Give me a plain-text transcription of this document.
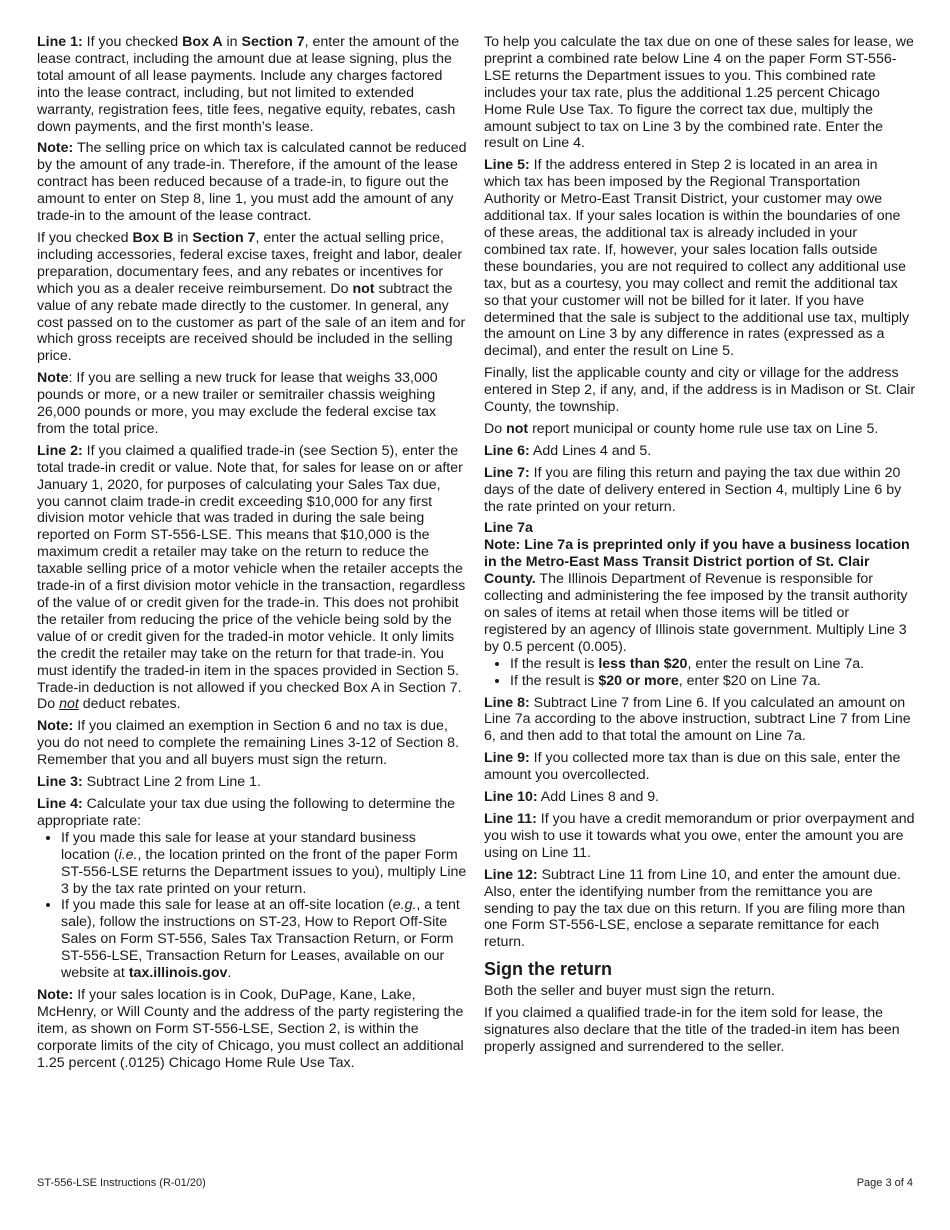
Line 1: If you checked Box A in Section 7, enter the amount of the lease contract, including the amount due at lease signing, plus the total amount of all lease payments. Include any charges factored into the lease contract, including, but not limited to extended warranty, registration fees, title fees, negative equity, rebates, cash down payments, and the first month’s lease.

Note: The selling price on which tax is calculated cannot be reduced by the amount of any trade-in. Therefore, if the amount of the lease contract has been reduced because of a trade-in, to figure out the amount to enter on Step 8, line 1, you must add the amount of any trade-in to the amount of the lease contract.

If you checked Box B in Section 7, enter the actual selling price, including accessories, federal excise taxes, freight and labor, dealer preparation, documentary fees, and any rebates or incentives for which you as a dealer receive reimbursement. Do not subtract the value of any rebate made directly to the customer. In general, any cost passed on to the customer as part of the sale of an item and for which gross receipts are received should be included in the selling price.

Note: If you are selling a new truck for lease that weighs 33,000 pounds or more, or a new trailer or semitrailer chassis weighing 26,000 pounds or more, you may exclude the federal excise tax from the total price.

Line 2: If you claimed a qualified trade-in (see Section 5), enter the total trade-in credit or value. Note that, for sales for lease on or after January 1, 2020, for purposes of calculating your Sales Tax due, you cannot claim trade-in credit exceeding $10,000 for any first division motor vehicle that was traded in during the sale being reported on Form ST-556-LSE. This means that $10,000 is the maximum credit a retailer may take on the return to reduce the taxable selling price of a motor vehicle when the retailer accepts the trade-in of a first division motor vehicle in the transaction, regardless of the value of or credit given for the trade-in. This does not prohibit the retailer from reducing the price of the vehicle being sold by the value of or credit given for the traded-in motor vehicle. It only limits the credit the retailer may take on the return for that trade-in. You must identify the traded-in item in the spaces provided in Section 5. Trade-in deduction is not allowed if you checked Box A in Section 7. Do not deduct rebates.

Note: If you claimed an exemption in Section 6 and no tax is due, you do not need to complete the remaining Lines 3-12 of Section 8. Remember that you and all buyers must sign the return.

Line 3: Subtract Line 2 from Line 1.

Line 4: Calculate your tax due using the following to determine the appropriate rate:

• If you made this sale for lease at your standard business location (i.e., the location printed on the front of the paper Form ST-556-LSE returns the Department issues to you), multiply Line 3 by the tax rate printed on your return.
• If you made this sale for lease at an off-site location (e.g., a tent sale), follow the instructions on ST-23, How to Report Off-Site Sales on Form ST-556, Sales Tax Transaction Return, or Form ST-556-LSE, Transaction Return for Leases, available on our website at tax.illinois.gov.

Note: If your sales location is in Cook, DuPage, Kane, Lake, McHenry, or Will County and the address of the party registering the item, as shown on Form ST-556-LSE, Section 2, is within the corporate limits of the city of Chicago, you must collect an additional 1.25 percent (.0125) Chicago Home Rule Use Tax.

To help you calculate the tax due on one of these sales for lease, we preprint a combined rate below Line 4 on the paper Form ST-556-LSE returns the Department issues to you. This combined rate includes your tax rate, plus the additional 1.25 percent Chicago Home Rule Use Tax. To figure the correct tax due, multiply the amount subject to tax on Line 3 by the combined rate. Enter the result on Line 4.

Line 5: If the address entered in Step 2 is located in an area in which tax has been imposed by the Regional Transportation Authority or Metro-East Transit District, your customer may owe additional tax. If your sales location is within the boundaries of one of these areas, the additional tax is already included in your combined tax rate. If, however, your sales location falls outside these boundaries, you are not required to collect any additional use tax, but as a courtesy, you may collect and remit the additional tax so that your customer will not be billed for it later. If you have determined that the sale is subject to the additional use tax, multiply the amount on Line 3 by any difference in rates (expressed as a decimal), and enter the result on Line 5.

Finally, list the applicable county and city or village for the address entered in Step 2, if any, and, if the address is in Madison or St. Clair County, the township.

Do not report municipal or county home rule use tax on Line 5.

Line 6: Add Lines 4 and 5.

Line 7: If you are filing this return and paying the tax due within 20 days of the date of delivery entered in Section 4, multiply Line 6 by the rate printed on your return.

Line 7a

Note: Line 7a is preprinted only if you have a business location in the Metro-East Mass Transit District portion of St. Clair County. The Illinois Department of Revenue is responsible for collecting and administering the fee imposed by the transit authority on sales of items at retail when those items will be titled or registered by an agency of Illinois state government. Multiply Line 3 by 0.5 percent (0.005).

• If the result is less than $20, enter the result on Line 7a.
• If the result is $20 or more, enter $20 on Line 7a.

Line 8: Subtract Line 7 from Line 6. If you calculated an amount on Line 7a according to the above instruction, subtract Line 7 from Line 6, and then add to that total the amount on Line 7a.

Line 9: If you collected more tax than is due on this sale, enter the amount you overcollected.

Line 10: Add Lines 8 and 9.

Line 11: If you have a credit memorandum or prior overpayment and you wish to use it towards what you owe, enter the amount you are using on Line 11.

Line 12: Subtract Line 11 from Line 10, and enter the amount due. Also, enter the identifying number from the remittance you are sending to pay the tax due on this return. If you are filing more than one Form ST-556-LSE, enclose a separate remittance for each return.

Sign the return

Both the seller and buyer must sign the return.

If you claimed a qualified trade-in for the item sold for lease, the signatures also declare that the title of the traded-in item has been properly assigned and surrendered to the seller.

ST-556-LSE Instructions (R-01/20)	Page 3 of 4
